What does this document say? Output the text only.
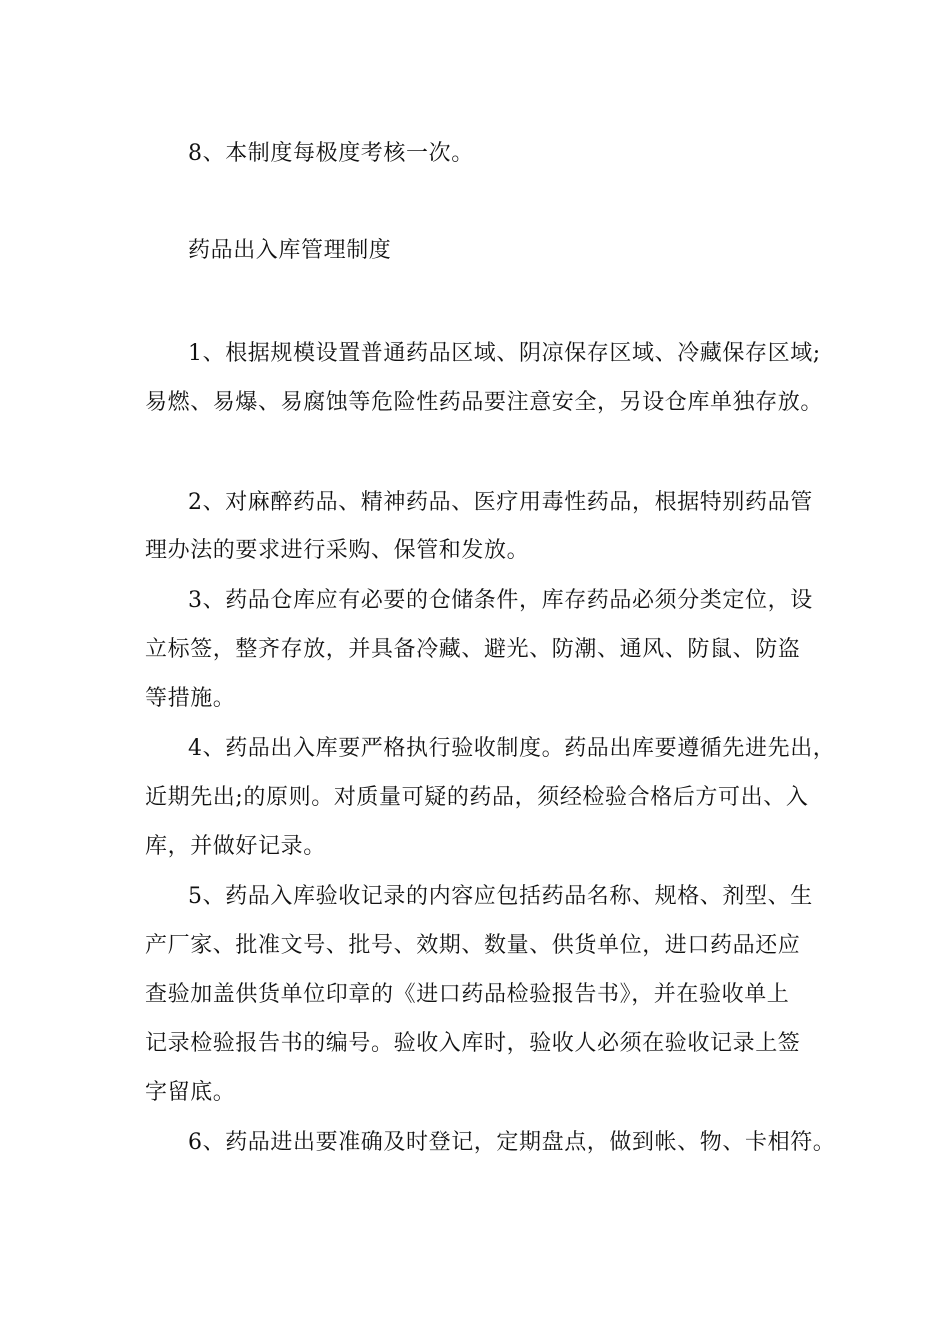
8、本制度每极度考核一次。
药品出入库管理制度
1、根据规模设置普通药品区域、阴凉保存区域、冷藏保存区域;
易燃、易爆、易腐蚀等危险性药品要注意安全，另设仓库单独存放。
2、对麻醉药品、精神药品、医疗用毒性药品，根据特别药品管
理办法的要求进行采购、保管和发放。
3、药品仓库应有必要的仓储条件，库存药品必须分类定位，设
立标签，整齐存放，并具备冷藏、避光、防潮、通风、防鼠、防盗
等措施。
4、药品出入库要严格执行验收制度。药品出库要遵循先进先出，
近期先出;的原则。对质量可疑的药品，须经检验合格后方可出、入
库，并做好记录。
5、药品入库验收记录的内容应包括药品名称、规格、剂型、生
产厂家、批准文号、批号、效期、数量、供货单位，进口药品还应
查验加盖供货单位印章的《进口药品检验报告书》，并在验收单上
记录检验报告书的编号。验收入库时，验收人必须在验收记录上签
字留底。
6、药品进出要准确及时登记，定期盘点，做到帐、物、卡相符。
